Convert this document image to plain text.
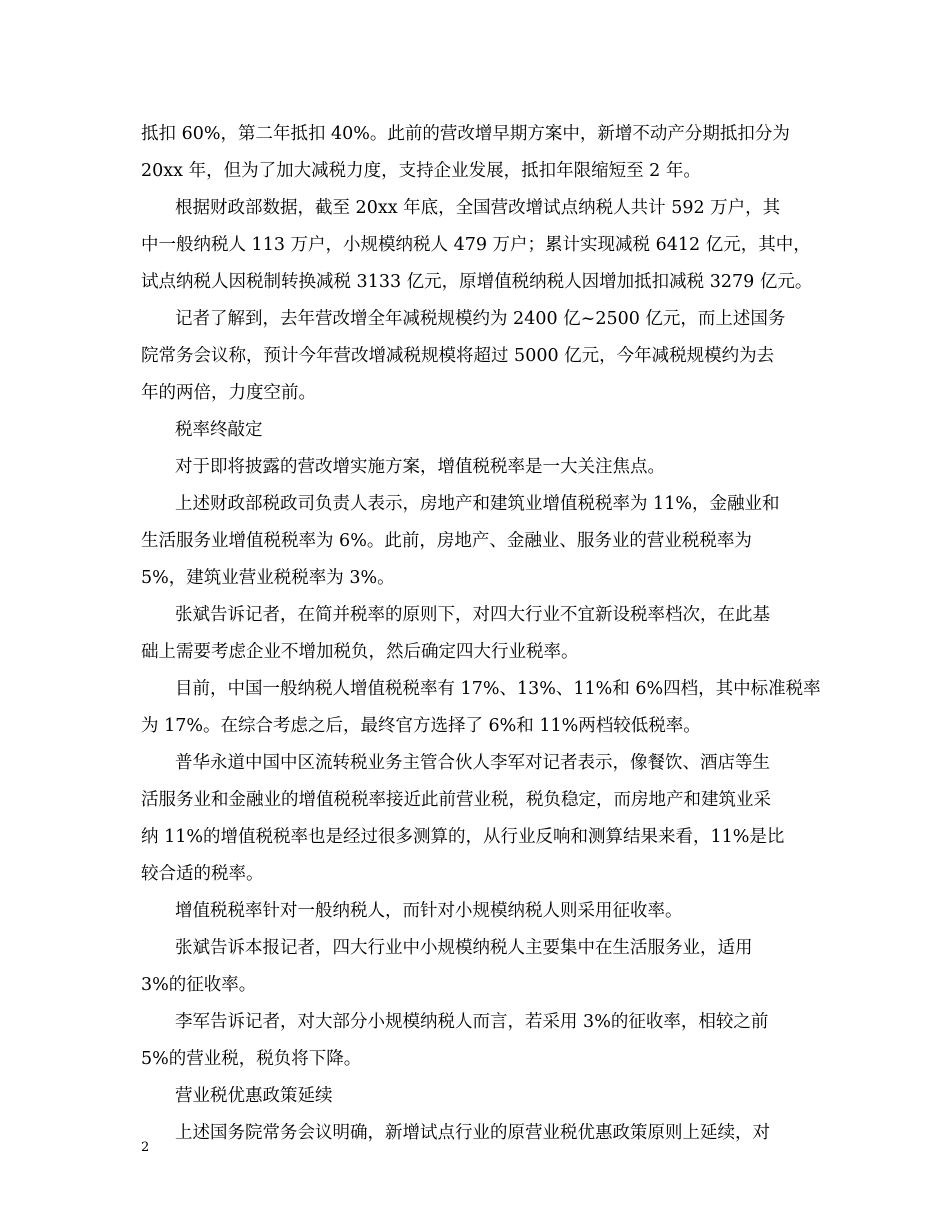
抵扣 60%，第二年抵扣 40%。此前的营改增早期方案中，新增不动产分期抵扣分为
20xx 年，但为了加大减税力度，支持企业发展，抵扣年限缩短至 2 年。
根据财政部数据，截至 20xx 年底，全国营改增试点纳税人共计 592 万户，其
中一般纳税人 113 万户，小规模纳税人 479 万户；累计实现减税 6412 亿元，其中，
试点纳税人因税制转换减税 3133 亿元，原增值税纳税人因增加抵扣减税 3279 亿元。
记者了解到，去年营改增全年减税规模约为 2400 亿~2500 亿元，而上述国务
院常务会议称，预计今年营改增减税规模将超过 5000 亿元，今年减税规模约为去
年的两倍，力度空前。
税率终敲定
对于即将披露的营改增实施方案，增值税税率是一大关注焦点。
上述财政部税政司负责人表示，房地产和建筑业增值税税率为 11%，金融业和
生活服务业增值税税率为 6%。此前，房地产、金融业、服务业的营业税税率为
5%，建筑业营业税税率为 3%。
张斌告诉记者，在简并税率的原则下，对四大行业不宜新设税率档次，在此基
础上需要考虑企业不增加税负，然后确定四大行业税率。
目前，中国一般纳税人增值税税率有 17%、13%、11%和 6%四档，其中标准税率
为 17%。在综合考虑之后，最终官方选择了 6%和 11%两档较低税率。
普华永道中国中区流转税业务主管合伙人李军对记者表示，像餐饮、酒店等生
活服务业和金融业的增值税税率接近此前营业税，税负稳定，而房地产和建筑业采
纳 11%的增值税税率也是经过很多测算的，从行业反响和测算结果来看，11%是比
较合适的税率。
增值税税率针对一般纳税人，而针对小规模纳税人则采用征收率。
张斌告诉本报记者，四大行业中小规模纳税人主要集中在生活服务业，适用
3%的征收率。
李军告诉记者，对大部分小规模纳税人而言，若采用 3%的征收率，相较之前
5%的营业税，税负将下降。
营业税优惠政策延续
上述国务院常务会议明确，新增试点行业的原营业税优惠政策原则上延续，对
2
